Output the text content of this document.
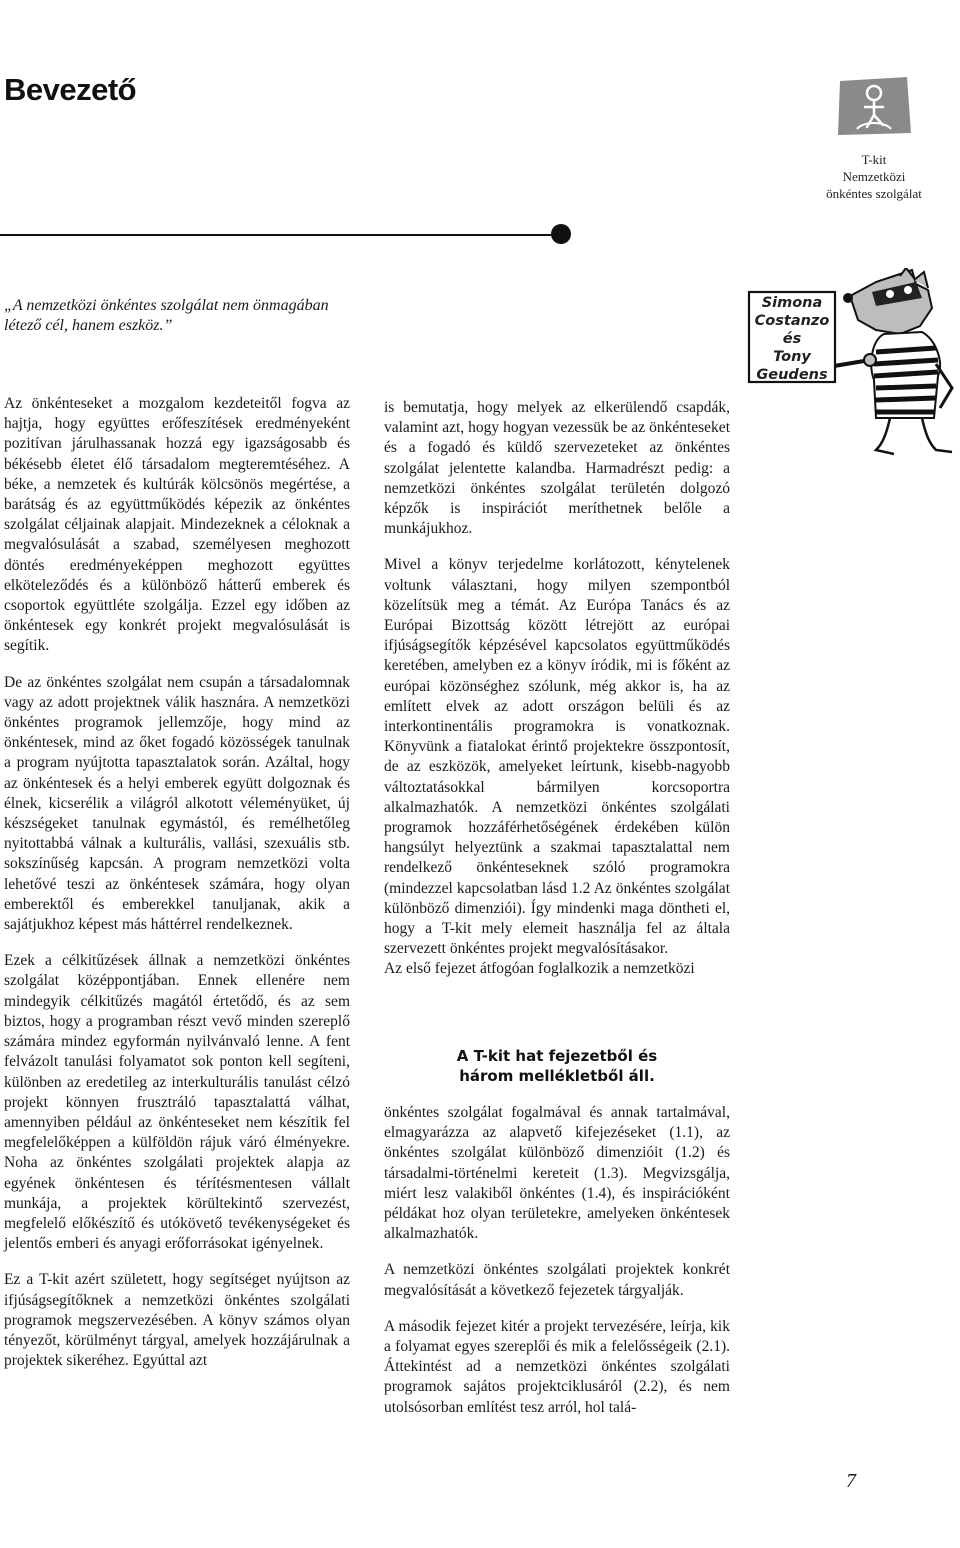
Bevezető
T-kit
Nemzetközi
önkéntes szolgálat
„A nemzetközi önkéntes szolgálat nem önmagában létező cél, hanem eszköz.”
Simona
Costanzo
és
Tony
Geudens

Az önkénteseket a mozgalom kezdeteitől fogva az hajtja, hogy együttes erőfeszítések eredményeként pozitívan járulhassanak hozzá egy igazságosabb és békésebb életet élő társadalom megteremtéséhez. A béke, a nemzetek és kultúrák kölcsönös megértése, a barátság és az együttműködés képezik az önkéntes szolgálat céljainak alapjait. Mindezeknek a céloknak a megvalósulását a szabad, személyesen meghozott döntés eredményeképpen meghozott együttes elköteleződés és a különböző hátterű emberek és csoportok együttléte szolgálja. Ezzel egy időben az önkéntesek egy konkrét projekt megvalósulását is segítik.

De az önkéntes szolgálat nem csupán a társadalomnak vagy az adott projektnek válik hasznára. A nemzetközi önkéntes programok jellemzője, hogy mind az önkéntesek, mind az őket fogadó közösségek tanulnak a program nyújtotta tapasztalatok során. Azáltal, hogy az önkéntesek és a helyi emberek együtt dolgoznak és élnek, kicserélik a világról alkotott véleményüket, új készségeket tanulnak egymástól, és remélhetőleg nyitottabbá válnak a kulturális, vallási, szexuális stb. sokszínűség kapcsán. A program nemzetközi volta lehetővé teszi az önkéntesek számára, hogy olyan emberektől és emberekkel tanuljanak, akik a sajátjukhoz képest más háttérrel rendelkeznek.

Ezek a célkitűzések állnak a nemzetközi önkéntes szolgálat középpontjában. Ennek ellenére nem mindegyik célkitűzés magától értetődő, és az sem biztos, hogy a programban részt vevő minden szereplő számára mindez egyformán nyilvánvaló lenne. A fent felvázolt tanulási folyamatot sok ponton kell segíteni, különben az eredetileg az interkulturális tanulást célzó projekt könnyen frusztráló tapasztalattá válhat, amennyiben például az önkénteseket nem készítik fel megfelelőképpen a külföldön rájuk váró élményekre. Noha az önkéntes szolgálati projektek alapja az egyének önkéntesen és térítésmentesen vállalt munkája, a projektek körültekintő szervezést, megfelelő előkészítő és utókövető tevékenységeket és jelentős emberi és anyagi erőforrásokat igényelnek.

Ez a T-kit azért született, hogy segítséget nyújtson az ifjúságsegítőknek a nemzetközi önkéntes szolgálati programok megszervezésében. A könyv számos olyan tényezőt, körülményt tárgyal, amelyek hozzájárulnak a projektek sikeréhez. Egyúttal azt

is bemutatja, hogy melyek az elkerülendő csapdák, valamint azt, hogy hogyan vezessük be az önkénteseket és a fogadó és küldő szervezeteket az önkéntes szolgálat jelentette kalandba. Harmadrészt pedig: a nemzetközi önkéntes szolgálat területén dolgozó képzők is inspirációt meríthetnek belőle a munkájukhoz.

Mivel a könyv terjedelme korlátozott, kénytelenek voltunk választani, hogy milyen szempontból közelítsük meg a témát. Az Európa Tanács és az Európai Bizottság között létrejött az európai ifjúságsegítők képzésével kapcsolatos együttműködés keretében, amelyben ez a könyv íródik, mi is főként az európai közönséghez szólunk, még akkor is, ha az említett elvek az adott országon belüli és az interkontinentális programokra is vonatkoznak. Könyvünk a fiatalokat érintő projektekre összpontosít, de az eszközök, amelyeket leírtunk, kisebb-nagyobb változtatásokkal bármilyen korcsoportra alkalmazhatók. A nemzetközi önkéntes szolgálati programok hozzáférhetőségének érdekében külön hangsúlyt helyeztünk a szakmai tapasztalattal nem rendelkező önkénteseknek szóló programokra (mindezzel kapcsolatban lásd 1.2 Az önkéntes szolgálat különböző dimenziói). Így mindenki maga döntheti el, hogy a T-kit mely elemeit használja fel az általa szervezett önkéntes projekt megvalósításakor.

Az első fejezet átfogóan foglalkozik a nemzetközi

A T-kit hat fejezetből és
három mellékletből áll.

önkéntes szolgálat fogalmával és annak tartalmával, elmagyarázza az alapvető kifejezéseket (1.1), az önkéntes szolgálat különböző dimenzióit (1.2) és társadalmi-történelmi kereteit (1.3). Megvizsgálja, miért lesz valakiből önkéntes (1.4), és inspirációként példákat hoz olyan területekre, amelyeken önkéntesek alkalmazhatók.

A nemzetközi önkéntes szolgálati projektek konkrét megvalósítását a következő fejezetek tárgyalják.

A második fejezet kitér a projekt tervezésére, leírja, kik a folyamat egyes szereplői és mik a felelősségeik (2.1). Áttekintést ad a nemzetközi önkéntes szolgálati programok sajátos projektciklusáról (2.2), és nem utolsósorban említést tesz arról, hol talá-

7
